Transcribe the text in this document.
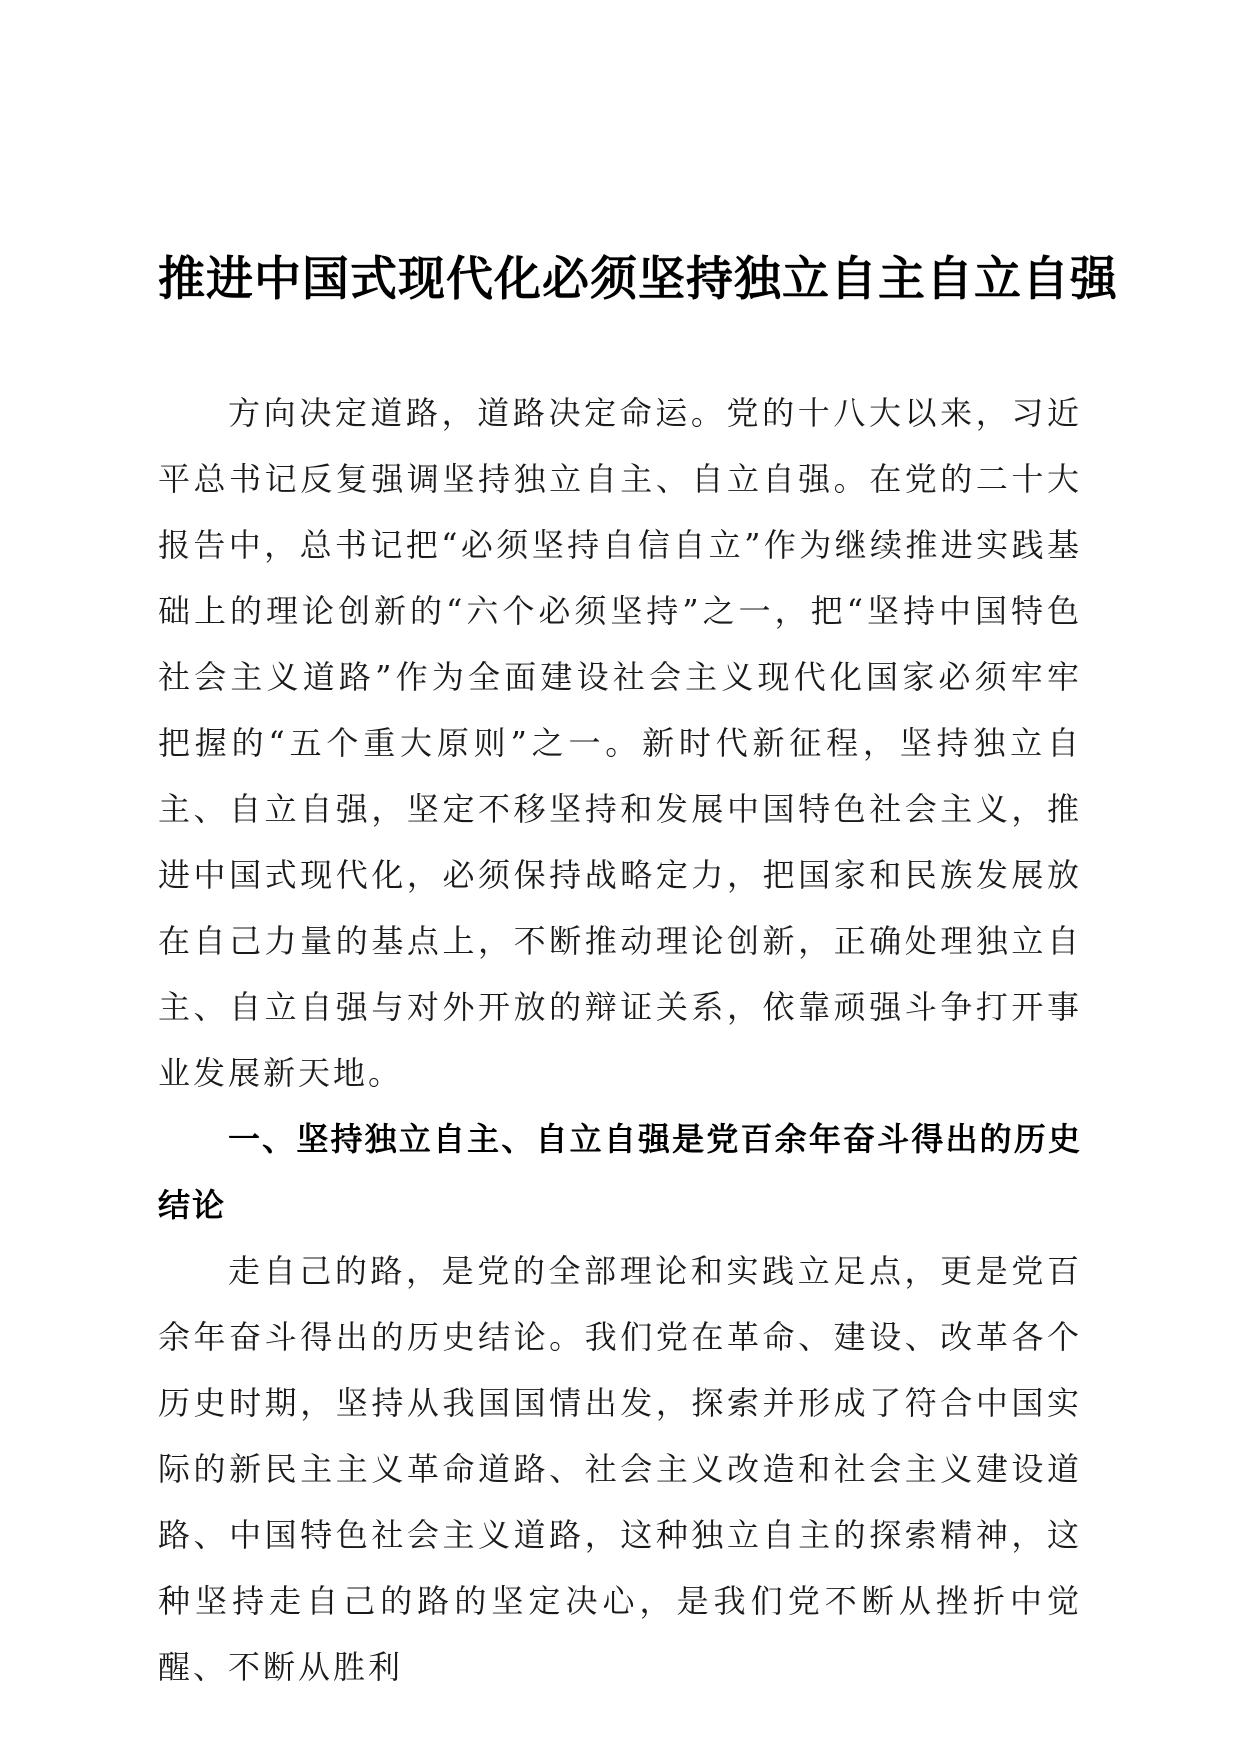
推进中国式现代化必须坚持独立自主自立自强

方向决定道路，道路决定命运。党的十八大以来，习近平总书记反复强调坚持独立自主、自立自强。在党的二十大报告中，总书记把“必须坚持自信自立”作为继续推进实践基础上的理论创新的“六个必须坚持”之一，把“坚持中国特色社会主义道路”作为全面建设社会主义现代化国家必须牢牢把握的“五个重大原则”之一。新时代新征程，坚持独立自主、自立自强，坚定不移坚持和发展中国特色社会主义，推进中国式现代化，必须保持战略定力，把国家和民族发展放在自己力量的基点上，不断推动理论创新，正确处理独立自主、自立自强与对外开放的辩证关系，依靠顽强斗争打开事业发展新天地。

一、坚持独立自主、自立自强是党百余年奋斗得出的历史结论

走自己的路，是党的全部理论和实践立足点，更是党百余年奋斗得出的历史结论。我们党在革命、建设、改革各个历史时期，坚持从我国国情出发，探索并形成了符合中国实际的新民主主义革命道路、社会主义改造和社会主义建设道路、中国特色社会主义道路，这种独立自主的探索精神，这种坚持走自己的路的坚定决心，是我们党不断从挫折中觉醒、不断从胜利
